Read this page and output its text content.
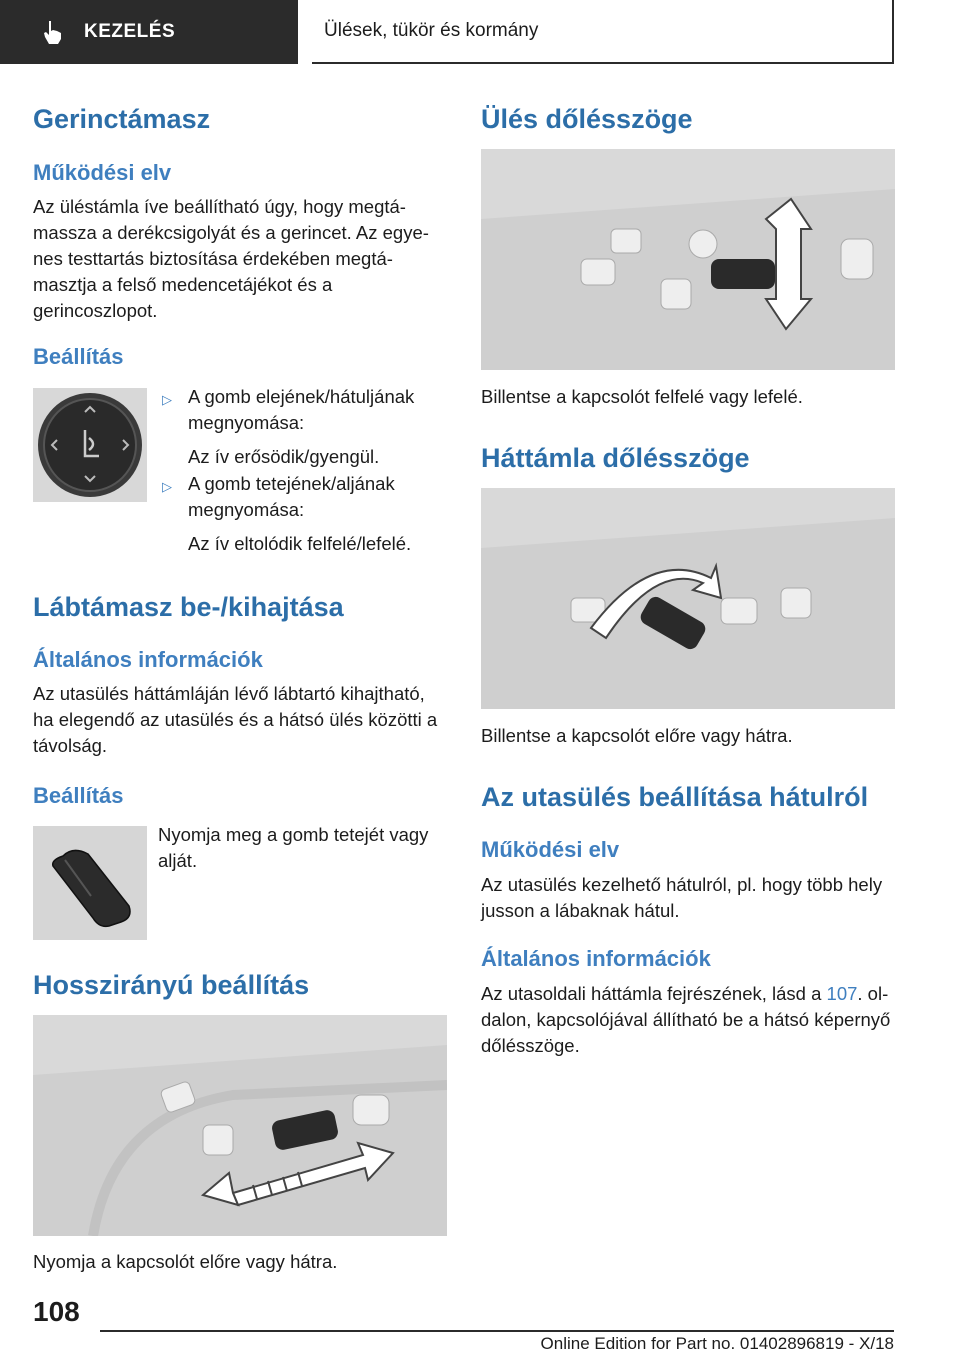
KEZELÉS	Ülések, tükör és kormány
Gerinctámasz
Működési elv
Az üléstámla íve beállítható úgy, hogy megtá-
massza a derékcsigolyát és a gerincet. Az egye-
nes testtartás biztosítása érdekében megtá-
masztja a felső medencetájékot és a
gerincoszlopot.
Beállítás
▷ A gomb elejének/hátuljának
megnyomása:
Az ív erősödik/gyengül.
▷ A gomb tetejének/aljának
megnyomása:
Az ív eltolódik felfelé/lefelé.
Lábtámasz be-/kihajtása
Általános információk
Az utasülés háttámláján lévő lábtartó kihajtható,
ha elegendő az utasülés és a hátsó ülés közötti a
távolság.
Beállítás
Nyomja meg a gomb tetejét vagy
alját.
Hosszirányú beállítás
Nyomja a kapcsolót előre vagy hátra.
Ülés dőlésszöge
Billentse a kapcsolót felfelé vagy lefelé.
Háttámla dőlésszöge
Billentse a kapcsolót előre vagy hátra.
Az utasülés beállítása hátulról
Működési elv
Az utasülés kezelhető hátulról, pl. hogy több hely
jusson a lábaknak hátul.
Általános információk
Az utasoldali háttámla fejrészének, lásd a 107. ol-
dalon, kapcsolójával állítható be a hátsó képernyő
dőlésszöge.
108
Online Edition for Part no. 01402896819 - X/18
